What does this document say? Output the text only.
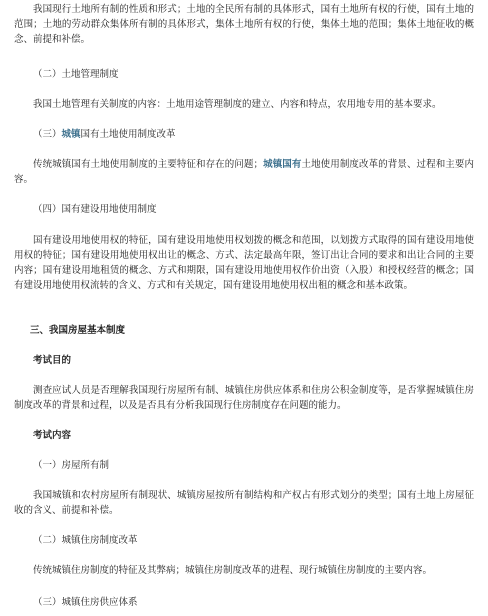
我国现行土地所有制的性质和形式；土地的全民所有制的具体形式，国有土地所有权的行使，国有土地的范围；土地的劳动群众集体所有制的具体形式，集体土地所有权的行使，集体土地的范围；集体土地征收的概念、前提和补偿。

（二）土地管理制度

我国土地管理有关制度的内容：土地用途管理制度的建立、内容和特点，农用地专用的基本要求。

（三）城镇国有土地使用制度改革

传统城镇国有土地使用制度的主要特征和存在的问题；城镇国有土地使用制度改革的背景、过程和主要内容。

（四）国有建设用地使用制度

国有建设用地使用权的特征，国有建设用地使用权划拨的概念和范围，以划拨方式取得的国有建设用地使用权的特征；国有建设用地使用权出让的概念、方式、法定最高年限，签订出让合同的要求和出让合同的主要内容；国有建设用地租赁的概念、方式和期限，国有建设用地使用权作价出资（入股）和授权经营的概念；国有建设用地使用权流转的含义、方式和有关规定，国有建设用地使用权出租的概念和基本政策。

三、我国房屋基本制度

考试目的

测查应试人员是否理解我国现行房屋所有制、城镇住房供应体系和住房公积金制度等，是否掌握城镇住房制度改革的背景和过程，以及是否具有分析我国现行住房制度存在问题的能力。

考试内容

（一）房屋所有制

我国城镇和农村房屋所有制现状、城镇房屋按所有制结构和产权占有形式划分的类型；国有土地上房屋征收的含义、前提和补偿。

（二）城镇住房制度改革

传统城镇住房制度的特征及其弊病；城镇住房制度改革的进程、现行城镇住房制度的主要内容。

（三）城镇住房供应体系
